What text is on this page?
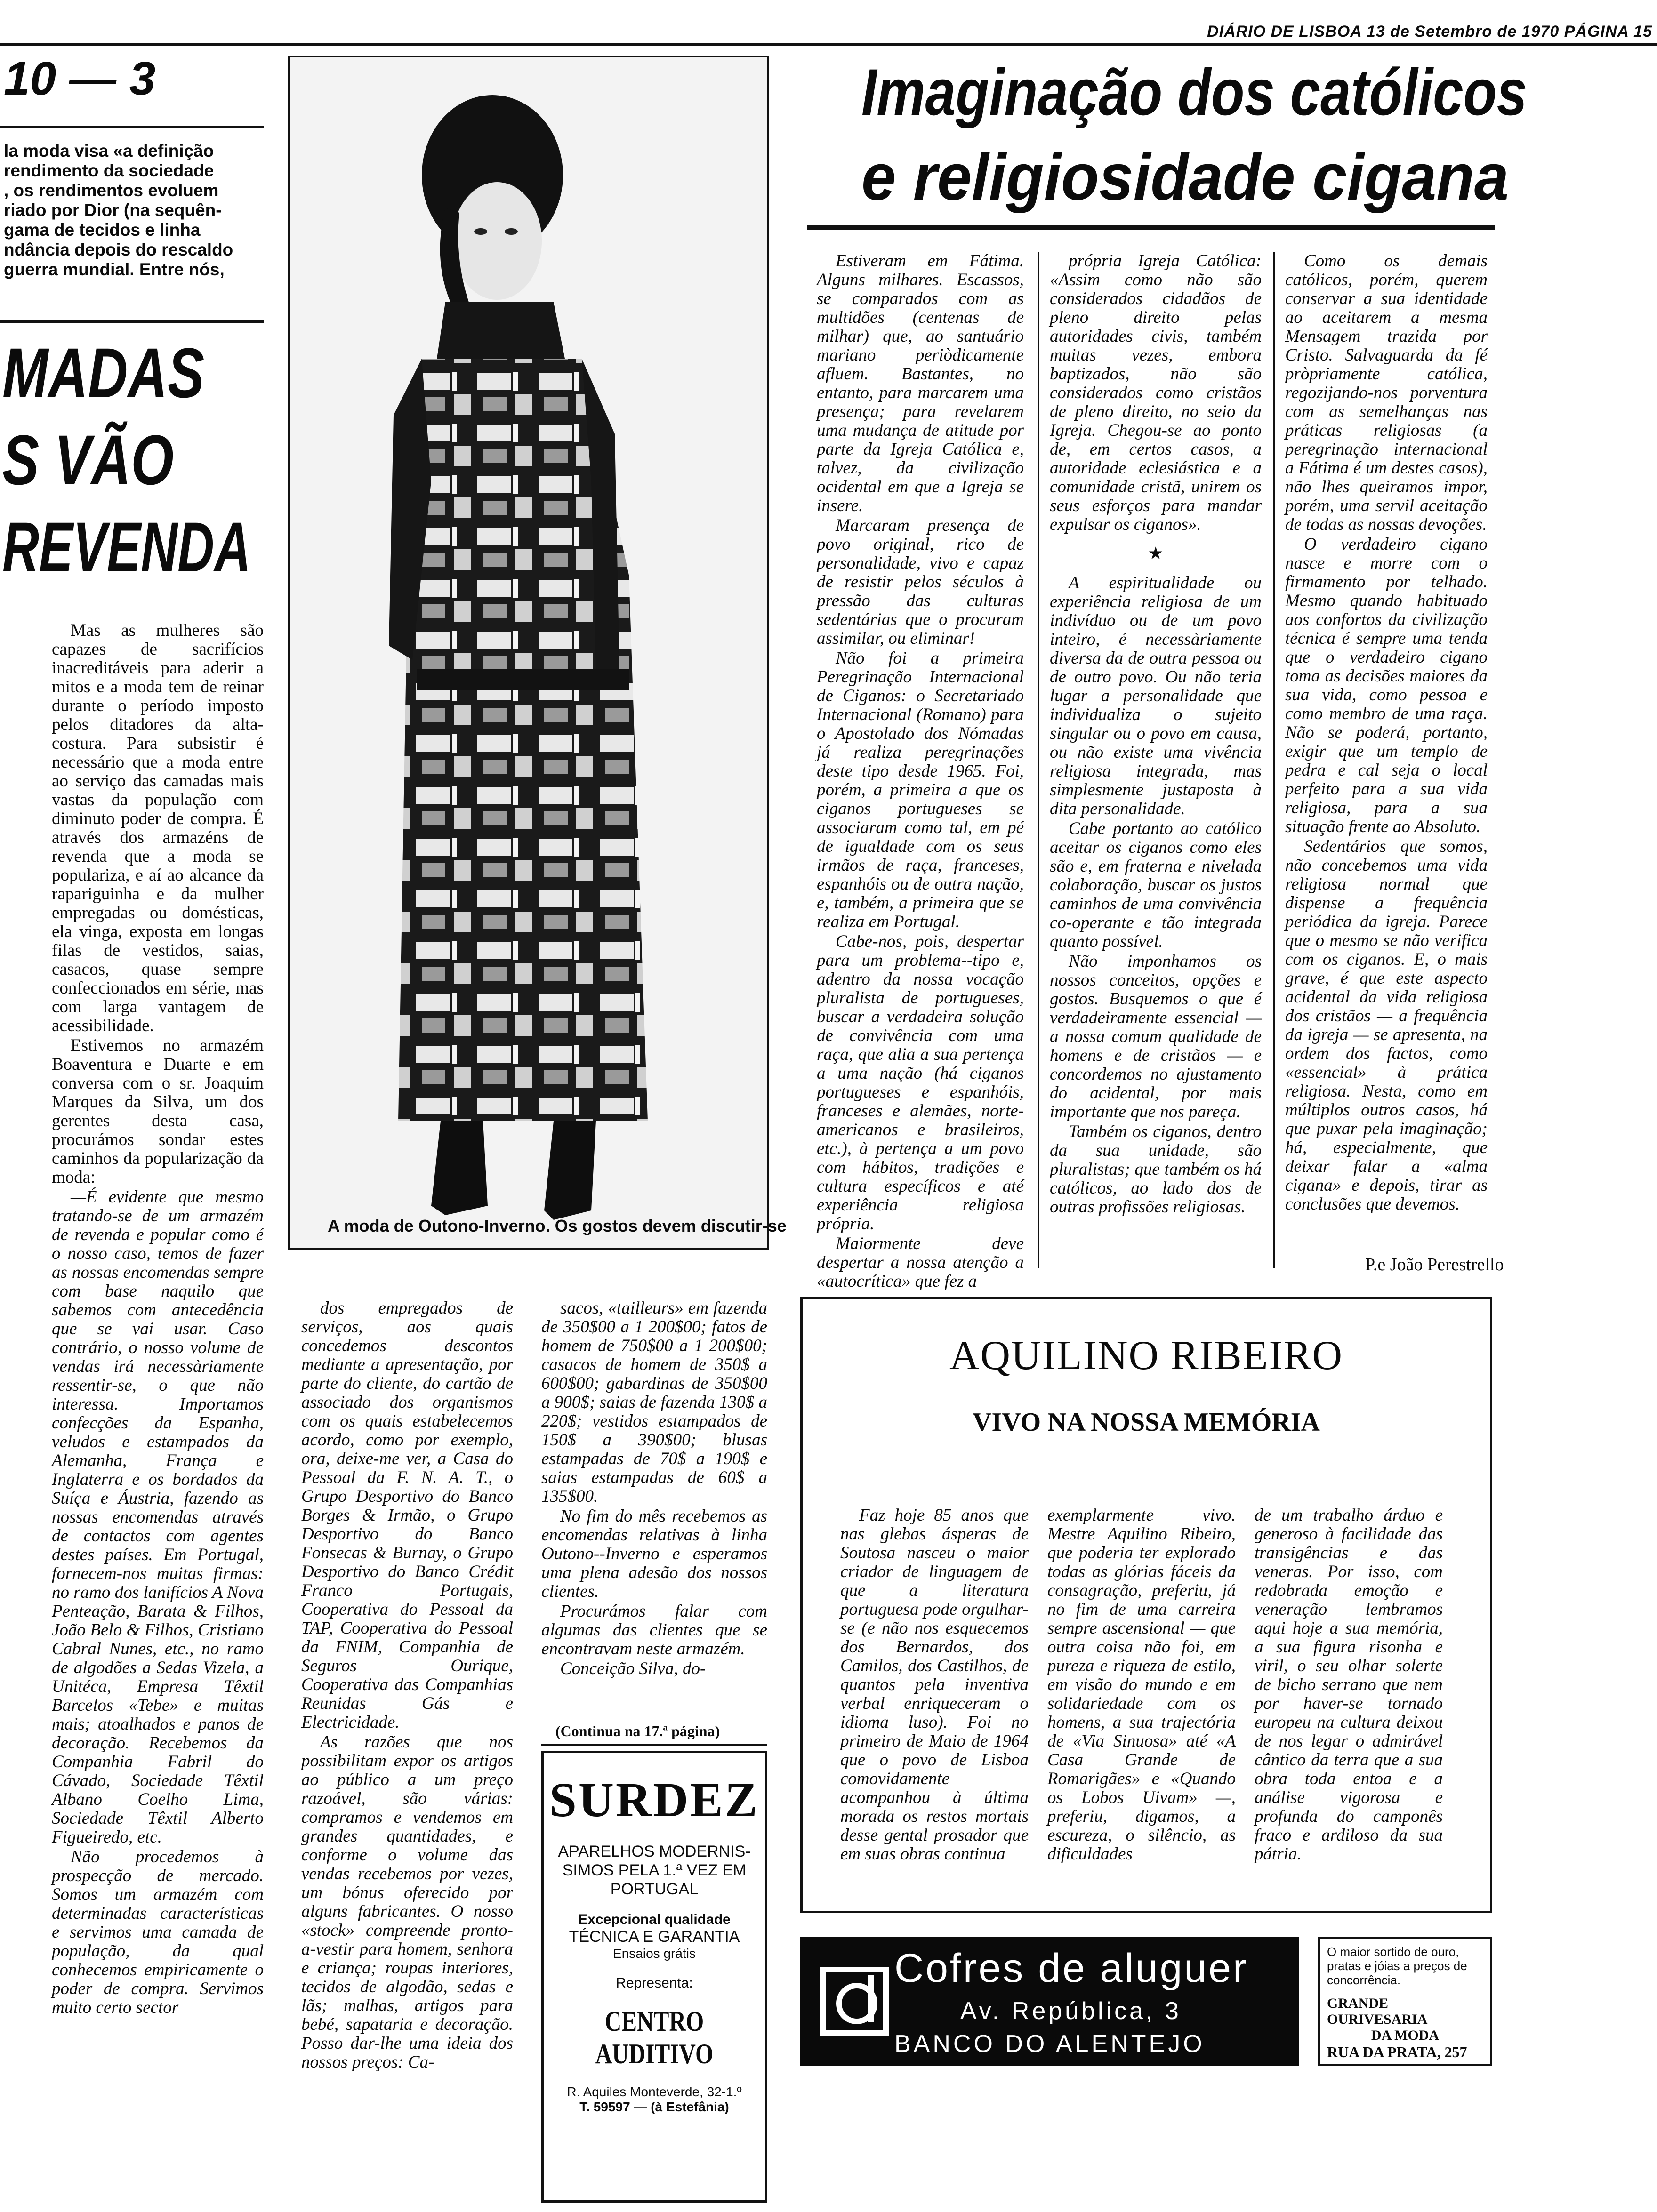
DIÁRIO DE LISBOA 13 de Setembro de 1970 PÁGINA 15
10 — 3
la moda visa «a definição
rendimento da sociedade
, os rendimentos evoluem
riado por Dior (na sequên-
gama de tecidos e linha
ndância depois do rescaldo
guerra mundial. Entre nós,
MADAS
S VÃO
REVENDA

Mas as mulheres são capazes de sacrifícios inacreditáveis para aderir a mitos e a moda tem de reinar durante o período imposto pelos ditadores da alta-costura. Para subsistir é necessário que a moda entre ao serviço das camadas mais vastas da população com diminuto poder de compra. É através dos armazéns de revenda que a moda se populariza, e aí ao alcance da rapariguinha e da mulher empregadas ou domésticas, ela vinga, exposta em longas filas de vestidos, saias, casacos, quase sempre confeccionados em série, mas com larga vantagem de acessibilidade.

Estivemos no armazém Boaventura e Duarte e em conversa com o sr. Joaquim Marques da Silva, um dos gerentes desta casa, procurámos sondar estes caminhos da popularização da moda:

—É evidente que mesmo tratando-se de um armazém de revenda e popular como é o nosso caso, temos de fazer as nossas encomendas sempre com base naquilo que sabemos com antecedência que se vai usar. Caso contrário, o nosso volume de vendas irá necessàriamente ressentir-se, o que não interessa. Importamos confecções da Espanha, veludos e estampados da Alemanha, França e Inglaterra e os bordados da Suíça e Áustria, fazendo as nossas encomendas através de contactos com agentes destes países. Em Portugal, fornecem-nos muitas firmas: no ramo dos lanifícios A Nova Penteação, Barata & Filhos, João Belo & Filhos, Cristiano Cabral Nunes, etc., no ramo de algodões a Sedas Vizela, a Unitéca, Empresa Têxtil Barcelos «Tebe» e muitas mais; atoalhados e panos de decoração. Recebemos da Companhia Fabril do Cávado, Sociedade Têxtil Albano Coelho Lima, Sociedade Têxtil Alberto Figueiredo, etc.

Não procedemos à prospecção de mercado. Somos um armazém com determinadas características e servimos uma camada de população, da qual conhecemos empiricamente o poder de compra. Servimos muito certo sector

dos empregados de serviços, aos quais concedemos descontos mediante a apresentação, por parte do cliente, do cartão de associado dos organismos com os quais estabelecemos acordo, como por exemplo, ora, deixe-me ver, a Casa do Pessoal da F. N. A. T., o Grupo Desportivo do Banco Borges & Irmão, o Grupo Desportivo do Banco Fonsecas & Burnay, o Grupo Desportivo do Banco Crédit Franco Portugais, Cooperativa do Pessoal da TAP, Cooperativa do Pessoal da FNIM, Companhia de Seguros Ourique, Cooperativa das Companhias Reunidas Gás e Electricidade.

As razões que nos possibilitam expor os artigos ao público a um preço razoável, são várias: compramos e vendemos em grandes quantidades, e conforme o volume das vendas recebemos por vezes, um bónus oferecido por alguns fabricantes. O nosso «stock» compreende pronto-a-vestir para homem, senhora e criança; roupas interiores, tecidos de algodão, sedas e lãs; malhas, artigos para bebé, sapataria e decoração. Posso dar-lhe uma ideia dos nossos preços: Ca-

sacos, «tailleurs» em fazenda de 350$00 a 1 200$00; fatos de homem de 750$00 a 1 200$00; casacos de homem de 350$ a 600$00; gabardinas de 350$00 a 900$; saias de fazenda 130$ a 220$; vestidos estampados de 150$ a 390$00; blusas estampadas de 70$ a 190$ e saias estampadas de 60$ a 135$00.

No fim do mês recebemos as encomendas relativas à linha Outono--Inverno e esperamos uma plena adesão dos nossos clientes.

Procurámos falar com algumas das clientes que se encontravam neste armazém.

Conceição Silva, do-

(Continua na 17.ª página)
A moda de Outono-Inverno. Os gostos devem discutir-se
Imaginação dos católicos
e religiosidade cigana

Estiveram em Fátima. Alguns milhares. Escassos, se comparados com as multidões (centenas de milhar) que, ao santuário mariano periòdicamente afluem. Bastantes, no entanto, para marcarem uma presença; para revelarem uma mudança de atitude por parte da Igreja Católica e, talvez, da civilização ocidental em que a Igreja se insere.

Marcaram presença de povo original, rico de personalidade, vivo e capaz de resistir pelos séculos à pressão das culturas sedentárias que o procuram assimilar, ou eliminar!

Não foi a primeira Peregrinação Internacional de Ciganos: o Secretariado Internacional (Romano) para o Apostolado dos Nómadas já realiza peregrinações deste tipo desde 1965. Foi, porém, a primeira a que os ciganos portugueses se associaram como tal, em pé de igualdade com os seus irmãos de raça, franceses, espanhóis ou de outra nação, e, também, a primeira que se realiza em Portugal.

Cabe-nos, pois, despertar para um problema--tipo e, adentro da nossa vocação pluralista de portugueses, buscar a verdadeira solução de convivência com uma raça, que alia a sua pertença a uma nação (há ciganos portugueses e espanhóis, franceses e alemães, norte-americanos e brasileiros, etc.), à pertença a um povo com hábitos, tradições e cultura específicos e até experiência religiosa própria.

Maiormente deve despertar a nossa atenção a «autocrítica» que fez a

própria Igreja Católica: «Assim como não são considerados cidadãos de pleno direito pelas autoridades civis, também muitas vezes, embora baptizados, não são considerados como cristãos de pleno direito, no seio da Igreja. Chegou-se ao ponto de, em certos casos, a autoridade eclesiástica e a comunidade cristã, unirem os seus esforços para mandar expulsar os ciganos».

★

A espiritualidade ou experiência religiosa de um indivíduo ou de um povo inteiro, é necessàriamente diversa da de outra pessoa ou de outro povo. Ou não teria lugar a personalidade que individualiza o sujeito singular ou o povo em causa, ou não existe uma vivência religiosa integrada, mas simplesmente justaposta à dita personalidade.

Cabe portanto ao católico aceitar os ciganos como eles são e, em fraterna e nivelada colaboração, buscar os justos caminhos de uma convivência co-operante e tão integrada quanto possível.

Não imponhamos os nossos conceitos, opções e gostos. Busquemos o que é verdadeiramente essencial — a nossa comum qualidade de homens e de cristãos — e concordemos no ajustamento do acidental, por mais importante que nos pareça.

Também os ciganos, dentro da sua unidade, são pluralistas; que também os há católicos, ao lado dos de outras profissões religiosas.

Como os demais católicos, porém, querem conservar a sua identidade ao aceitarem a mesma Mensagem trazida por Cristo. Salvaguarda da fé pròpriamente católica, regozijando-nos porventura com as semelhanças nas práticas religiosas (a peregrinação internacional a Fátima é um destes casos), não lhes queiramos impor, porém, uma servil aceitação de todas as nossas devoções.

O verdadeiro cigano nasce e morre com o firmamento por telhado. Mesmo quando habituado aos confortos da civilização técnica é sempre uma tenda que o verdadeiro cigano toma as decisões maiores da sua vida, como pessoa e como membro de uma raça. Não se poderá, portanto, exigir que um templo de pedra e cal seja o local perfeito para a sua vida religiosa, para a sua situação frente ao Absoluto.

Sedentários que somos, não concebemos uma vida religiosa normal que dispense a frequência periódica da igreja. Parece que o mesmo se não verifica com os ciganos. E, o mais grave, é que este aspecto acidental da vida religiosa dos cristãos — a frequência da igreja — se apresenta, na ordem dos factos, como «essencial» à prática religiosa. Nesta, como em múltiplos outros casos, há que puxar pela imaginação; há, especialmente, que deixar falar a «alma cigana» e depois, tirar as conclusões que devemos.

P.e João Perestrello
AQUILINO RIBEIRO
VIVO NA NOSSA MEMÓRIA
Faz hoje 85 anos que nas glebas ásperas de Soutosa nasceu o maior criador de linguagem de que a literatura portuguesa pode orgulhar-se (e não nos esquecemos dos Bernardos, dos Camilos, dos Castilhos, de quantos pela inventiva verbal enriqueceram o idioma luso). Foi no primeiro de Maio de 1964 que o povo de Lisboa comovidamente acompanhou à última morada os restos mortais desse gental prosador que em suas obras continua
exemplarmente vivo. Mestre Aquilino Ribeiro, que poderia ter explorado todas as glórias fáceis da consagração, preferiu, já no fim de uma carreira sempre ascensional — que outra coisa não foi, em pureza e riqueza de estilo, em visão do mundo e em solidariedade com os homens, a sua trajectória de «Via Sinuosa» até «A Casa Grande de Romarigães» e «Quando os Lobos Uivam» —, preferiu, digamos, a escureza, o silêncio, as dificuldades
de um trabalho árduo e generoso à facilidade das transigências e das veneras. Por isso, com redobrada emoção e veneração lembramos aqui hoje a sua memória, a sua figura risonha e viril, o seu olhar solerte de bicho serrano que nem por haver-se tornado europeu na cultura deixou de nos legar o admirável cântico da terra que a sua obra toda entoa e a análise vigorosa e profunda do camponês fraco e ardiloso da sua pátria.
SURDEZ
APARELHOS MODERNIS-
SIMOS PELA 1.ª VEZ EM
PORTUGAL
Excepcional qualidade
TÉCNICA E GARANTIA
Ensaios grátis
Representa:
CENTRO AUDITIVO
R. Aquiles Monteverde, 32-1.º
T. 59597 — (à Estefânia)
Cofres de aluguer
Av. República, 3
BANCO DO ALENTEJO
O maior sortido de ouro, pratas e jóias a preços de concorrência.
GRANDE OURIVESARIA
DA MODA
RUA DA PRATA, 257
